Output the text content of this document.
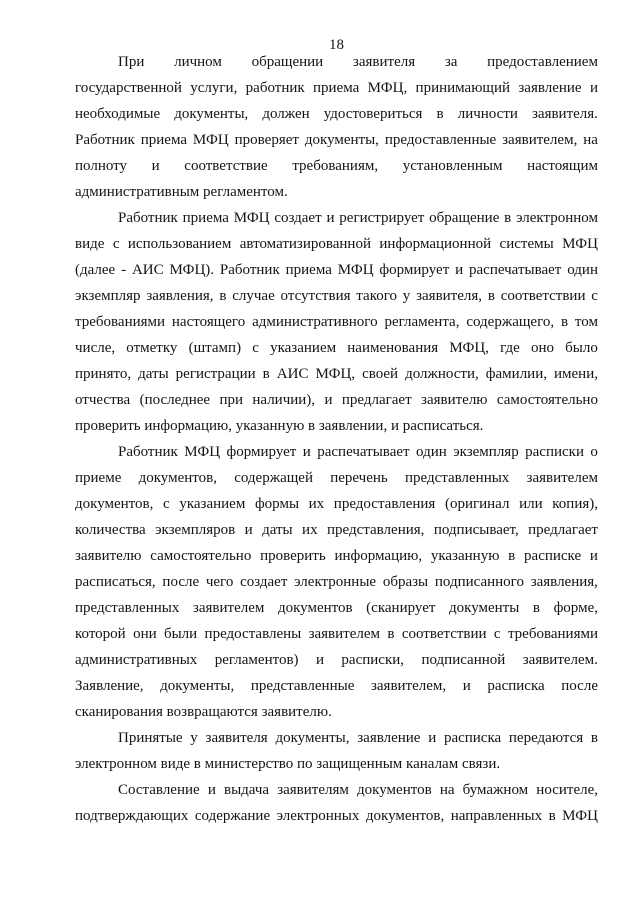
18
При личном обращении заявителя за предоставлением
государственной услуги, работник приема МФЦ, принимающий заявление и
необходимые документы, должен удостовериться в личности заявителя.
Работник приема МФЦ проверяет документы, предоставленные заявителем, на
полноту и соответствие требованиям, установленным настоящим
административным регламентом.
Работник приема МФЦ создает и регистрирует обращение в электронном
виде с использованием автоматизированной информационной системы МФЦ
(далее - АИС МФЦ). Работник приема МФЦ формирует и распечатывает один
экземпляр заявления, в случае отсутствия такого у заявителя, в соответствии с
требованиями настоящего административного регламента, содержащего, в том
числе, отметку (штамп) с указанием наименования МФЦ, где оно было
принято, даты регистрации в АИС МФЦ, своей должности, фамилии, имени,
отчества (последнее при наличии), и предлагает заявителю самостоятельно
проверить информацию, указанную в заявлении, и расписаться.
Работник МФЦ формирует и распечатывает один экземпляр расписки о
приеме документов, содержащей перечень представленных заявителем
документов, с указанием формы их предоставления (оригинал или копия),
количества экземпляров и даты их представления, подписывает, предлагает
заявителю самостоятельно проверить информацию, указанную в расписке и
расписаться, после чего создает электронные образы подписанного заявления,
представленных заявителем документов (сканирует документы в форме,
которой они были предоставлены заявителем в соответствии с требованиями
административных регламентов) и расписки, подписанной заявителем.
Заявление, документы, представленные заявителем, и расписка после
сканирования возвращаются заявителю.
Принятые у заявителя документы, заявление и расписка передаются в
электронном виде в министерство по защищенным каналам связи.
Составление и выдача заявителям документов на бумажном носителе,
подтверждающих содержание электронных документов, направленных в МФЦ
